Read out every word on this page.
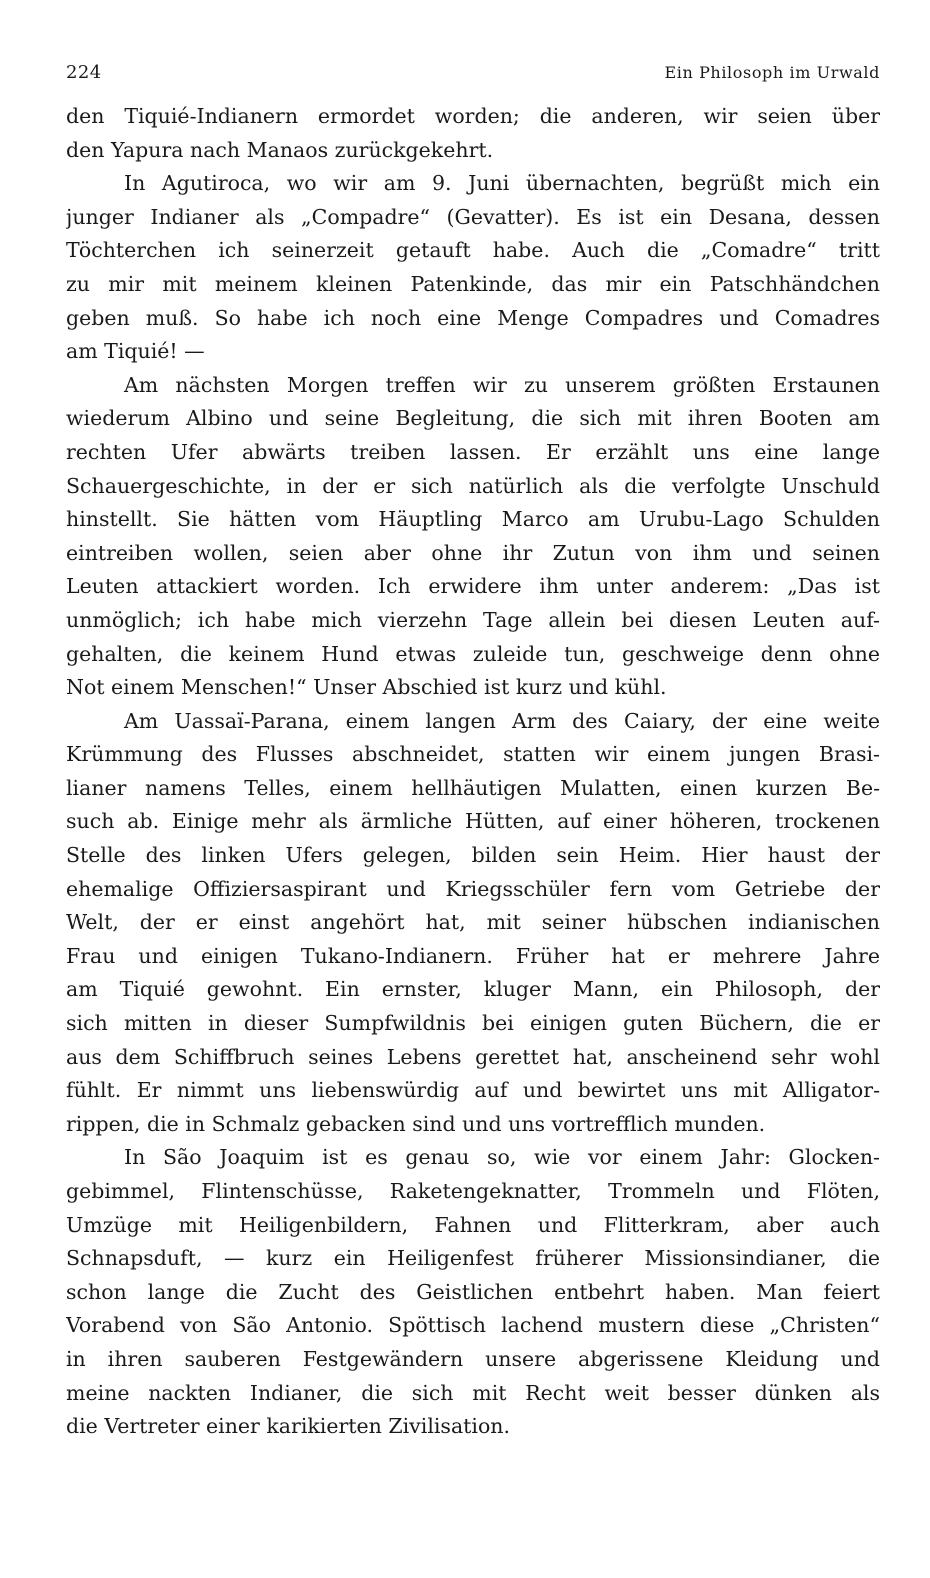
224	Ein Philosoph im Urwald
den Tiquié-Indianern ermordet worden; die anderen, wir seien über
den Yapura nach Manaos zurückgekehrt.
In Agutiroca, wo wir am 9. Juni übernachten, begrüßt mich ein
junger Indianer als „Compadre“ (Gevatter). Es ist ein Desana, dessen
Töchterchen ich seinerzeit getauft habe. Auch die „Comadre“ tritt
zu mir mit meinem kleinen Patenkinde, das mir ein Patschhändchen
geben muß. So habe ich noch eine Menge Compadres und Comadres
am Tiquié! —
Am nächsten Morgen treffen wir zu unserem größten Erstaunen
wiederum Albino und seine Begleitung, die sich mit ihren Booten am
rechten Ufer abwärts treiben lassen. Er erzählt uns eine lange
Schauergeschichte, in der er sich natürlich als die verfolgte Unschuld
hinstellt. Sie hätten vom Häuptling Marco am Urubu-Lago Schulden
eintreiben wollen, seien aber ohne ihr Zutun von ihm und seinen
Leuten attackiert worden. Ich erwidere ihm unter anderem: „Das ist
unmöglich; ich habe mich vierzehn Tage allein bei diesen Leuten auf-
gehalten, die keinem Hund etwas zuleide tun, geschweige denn ohne
Not einem Menschen!“ Unser Abschied ist kurz und kühl.
Am Uassaï-Parana, einem langen Arm des Caiary, der eine weite
Krümmung des Flusses abschneidet, statten wir einem jungen Brasi-
lianer namens Telles, einem hellhäutigen Mulatten, einen kurzen Be-
such ab. Einige mehr als ärmliche Hütten, auf einer höheren, trockenen
Stelle des linken Ufers gelegen, bilden sein Heim. Hier haust der
ehemalige Offiziersaspirant und Kriegsschüler fern vom Getriebe der
Welt, der er einst angehört hat, mit seiner hübschen indianischen
Frau und einigen Tukano-Indianern. Früher hat er mehrere Jahre
am Tiquié gewohnt. Ein ernster, kluger Mann, ein Philosoph, der
sich mitten in dieser Sumpfwildnis bei einigen guten Büchern, die er
aus dem Schiffbruch seines Lebens gerettet hat, anscheinend sehr wohl
fühlt. Er nimmt uns liebenswürdig auf und bewirtet uns mit Alligator-
rippen, die in Schmalz gebacken sind und uns vortrefflich munden.
In São Joaquim ist es genau so, wie vor einem Jahr: Glocken-
gebimmel, Flintenschüsse, Raketengeknatter, Trommeln und Flöten,
Umzüge mit Heiligenbildern, Fahnen und Flitterkram, aber auch
Schnapsduft, — kurz ein Heiligenfest früherer Missionsindianer, die
schon lange die Zucht des Geistlichen entbehrt haben. Man feiert
Vorabend von São Antonio. Spöttisch lachend mustern diese „Christen“
in ihren sauberen Festgewändern unsere abgerissene Kleidung und
meine nackten Indianer, die sich mit Recht weit besser dünken als
die Vertreter einer karikierten Zivilisation.
